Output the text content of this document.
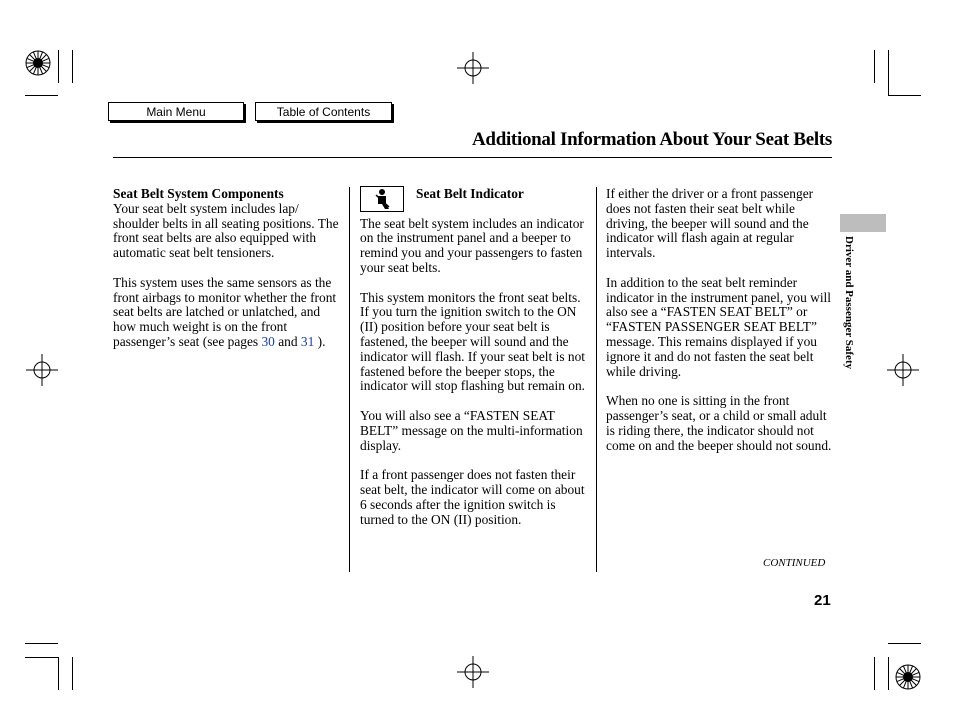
Main Menu	Table of Contents
Additional Information About Your Seat Belts

Seat Belt System Components
Your seat belt system includes lap/ shoulder belts in all seating positions. The front seat belts are also equipped with automatic seat belt tensioners.

This system uses the same sensors as the front airbags to monitor whether the front seat belts are latched or unlatched, and how much weight is on the front passenger’s seat (see pages 30 and 31 ).

Seat Belt Indicator

The seat belt system includes an indicator on the instrument panel and a beeper to remind you and your passengers to fasten your seat belts.

This system monitors the front seat belts. If you turn the ignition switch to the ON (II) position before your seat belt is fastened, the beeper will sound and the indicator will flash. If your seat belt is not fastened before the beeper stops, the indicator will stop flashing but remain on.

You will also see a “FASTEN SEAT BELT” message on the multi-information display.

If a front passenger does not fasten their seat belt, the indicator will come on about 6 seconds after the ignition switch is turned to the ON (II) position.

If either the driver or a front passenger does not fasten their seat belt while driving, the beeper will sound and the indicator will flash again at regular intervals.

In addition to the seat belt reminder indicator in the instrument panel, you will also see a “FASTEN SEAT BELT” or “FASTEN PASSENGER SEAT BELT” message. This remains displayed if you ignore it and do not fasten the seat belt while driving.

When no one is sitting in the front passenger’s seat, or a child or small adult is riding there, the indicator should not come on and the beeper should not sound.

Driver and Passenger Safety
CONTINUED
21
